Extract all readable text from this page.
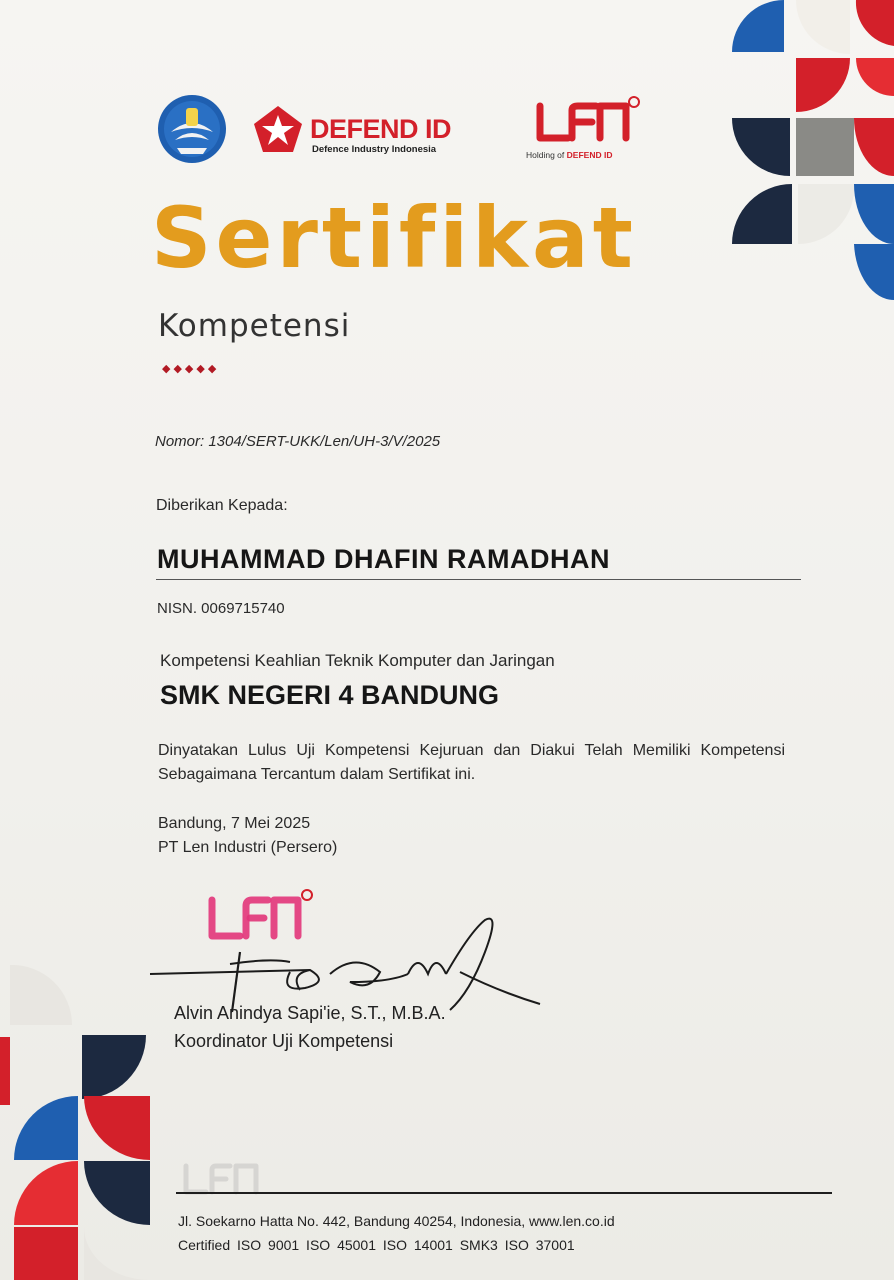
DEFEND ID
Defence Industry Indonesia	Holding of DEFEND ID
Sertifikat
Kompetensi
◆◆◆◆◆
Nomor: 1304/SERT-UKK/Len/UH-3/V/2025
Diberikan Kepada:
MUHAMMAD DHAFIN RAMADHAN
NISN. 0069715740
Kompetensi Keahlian Teknik Komputer dan Jaringan
SMK NEGERI 4 BANDUNG
Dinyatakan Lulus Uji Kompetensi Kejuruan dan Diakui Telah Memiliki Kompetensi Sebagaimana Tercantum dalam Sertifikat ini.
Bandung, 7 Mei 2025
PT Len Industri (Persero)
Alvin Anindya Sapi'ie, S.T., M.B.A.
Koordinator Uji Kompetensi
Jl. Soekarno Hatta No. 442, Bandung 40254, Indonesia, www.len.co.id
Certified ISO 9001 ISO 45001 ISO 14001 SMK3 ISO 37001
